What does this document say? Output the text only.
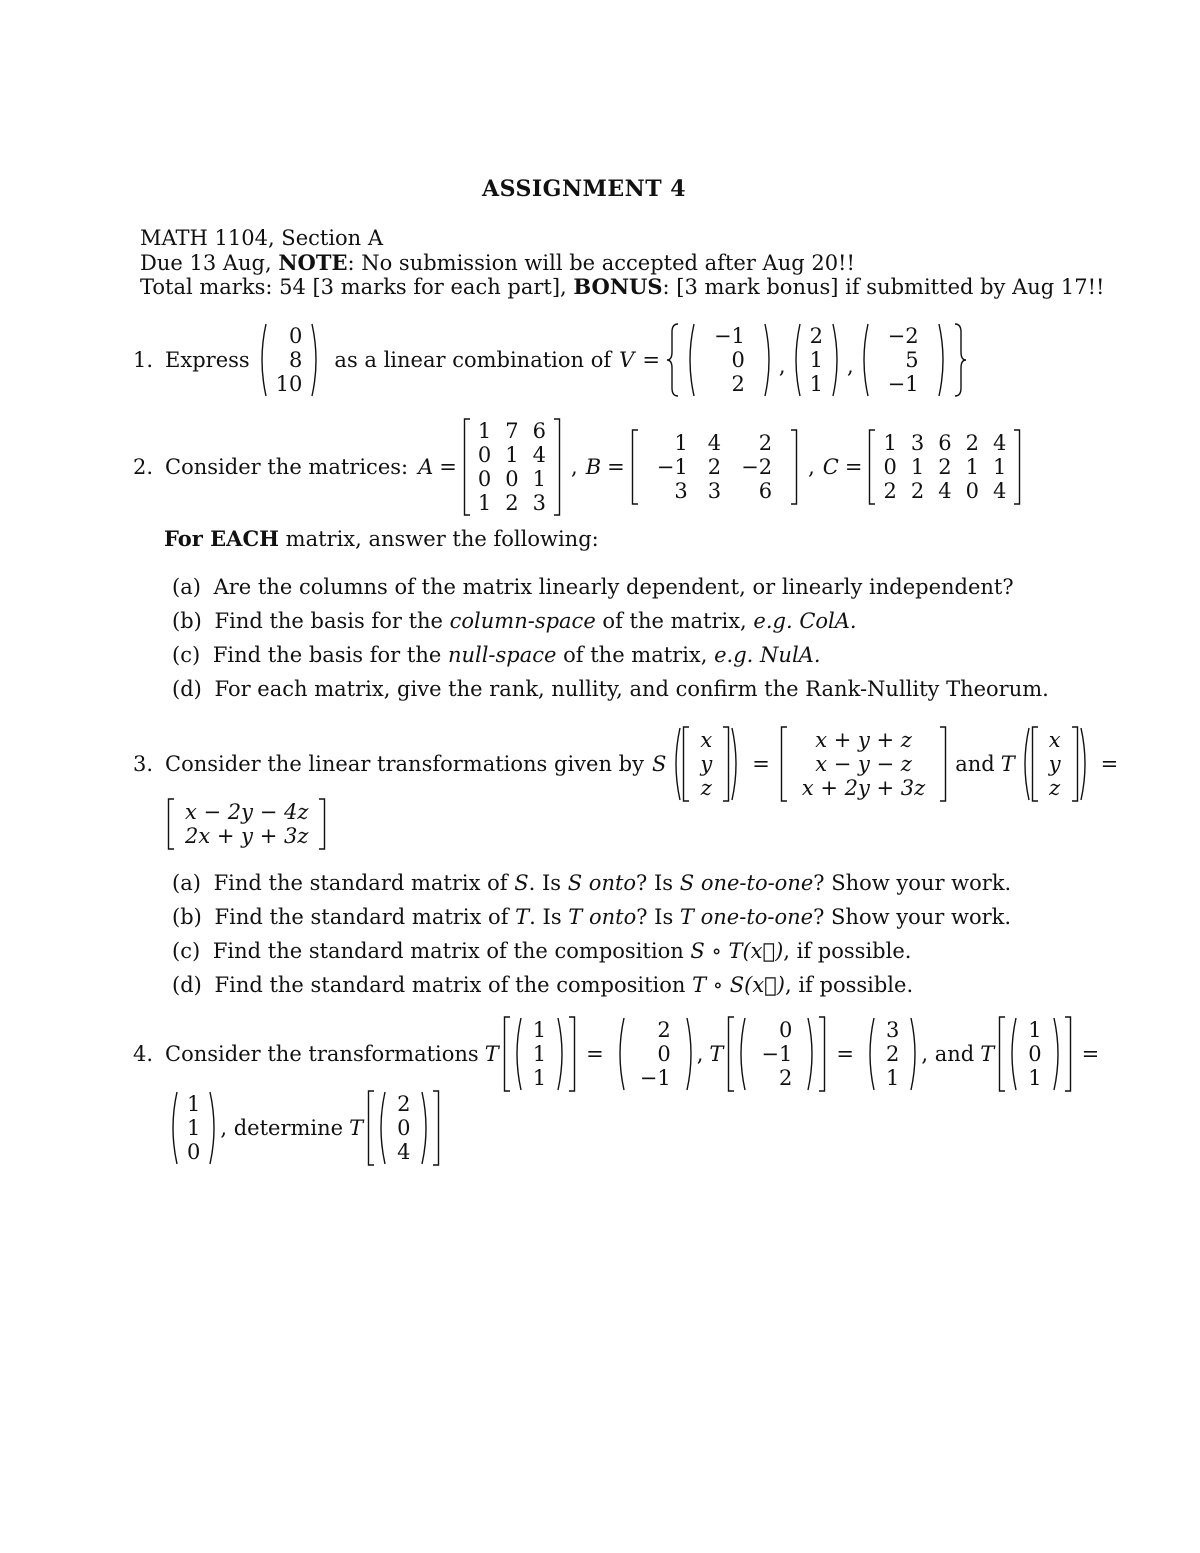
ASSIGNMENT 4
MATH 1104, Section A
Due 13 Aug, NOTE: No submission will be accepted after Aug 20!!
Total marks: 54 [3 marks for each part], BONUS: [3 mark bonus] if submitted by Aug 17!!
1. Express
0
8
10
as a linear combination of V =
−1
0
2
,
2
1
1
,
−2
5
−1
2. Consider the matrices: A =
1
0
0
1
7
1
0
2
6
4
1
3
, B =
1
−1
3
4
2
3
2
−2
6
, C =
1
0
2
3
1
2
6
2
4
2
1
0
4
1
4
For EACH matrix, answer the following:
(a) Are the columns of the matrix linearly dependent, or linearly independent?
(b) Find the basis for the column-space of the matrix, e.g. ColA.
(c) Find the basis for the null-space of the matrix, e.g. NulA.
(d) For each matrix, give the rank, nullity, and confirm the Rank-Nullity Theorum.
3. Consider the linear transformations given by S
x
y
z
=
x + y + z
x − y − z
x + 2y + 3z
and T
x
y
z
=
x − 2y − 4z
2x + y + 3z
(a) Find the standard matrix of S. Is S onto? Is S one-to-one? Show your work.
(b) Find the standard matrix of T. Is T onto? Is T one-to-one? Show your work.
(c) Find the standard matrix of the composition S ∘ T(x⃗), if possible.
(d) Find the standard matrix of the composition T ∘ S(x⃗), if possible.
4. Consider the transformations T
1
1
1
=
2
0
−1
, T
0
−1
2
=
3
2
1
, and T
1
0
1
=
1
1
0
, determine T
2
0
4
